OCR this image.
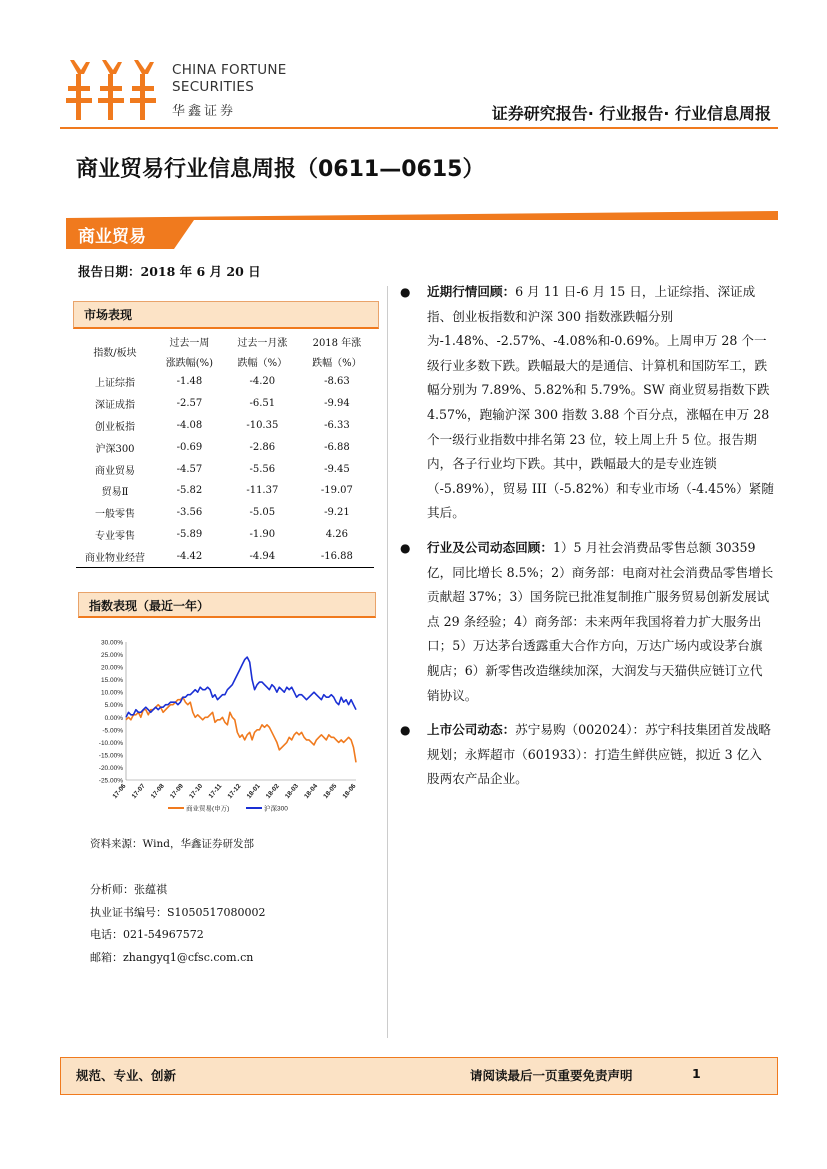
CHINA FORTUNE
SECURITIES
华鑫证券	证券研究报告· 行业报告· 行业信息周报
商业贸易行业信息周报（0611—0615）
商业贸易
报告日期：2018 年 6 月 20 日
市场表现
指数/板块	过去一周	过去一月涨	2018 年涨
	涨跌幅(%)	跌幅（%）	跌幅（%）
上证综指	-1.48	-4.20	-8.63
深证成指	-2.57	-6.51	-9.94
创业板指	-4.08	-10.35	-6.33
沪深300	-0.69	-2.86	-6.88
商业贸易	-4.57	-5.56	-9.45
贸易Ⅱ	-5.82	-11.37	-19.07
一般零售	-3.56	-5.05	-9.21
专业零售	-5.89	-1.90	4.26
商业物业经营	-4.42	-4.94	-16.88
指数表现（最近一年）
30.00%
25.00%
20.00%
15.00%
10.00%
5.00%
0.00%
-5.00%
-10.00%
-15.00%
-20.00%
-25.00%
17-06 17-07 17-08 17-09 17-10 17-11 17-12 18-01 18-02 18-03 18-04 18-05 18-06
商业贸易(申万)	沪深300
资料来源：Wind，华鑫证券研发部
分析师：张蕴祺
执业证书编号：S1050517080002
电话：021-54967572
邮箱：zhangyq1@cfsc.com.cn
● 近期行情回顾：6 月 11 日-6 月 15 日，上证综指、深证成指、创业板指数和沪深 300 指数涨跌幅分别为-1.48%、-2.57%、-4.08%和-0.69%。上周申万 28 个一级行业多数下跌。跌幅最大的是通信、计算机和国防军工，跌幅分别为 7.89%、5.82%和 5.79%。SW 商业贸易指数下跌 4.57%，跑输沪深 300 指数 3.88 个百分点，涨幅在申万 28 个一级行业指数中排名第 23 位，较上周上升 5 位。报告期内，各子行业均下跌。其中，跌幅最大的是专业连锁（-5.89%），贸易 III（-5.82%）和专业市场（-4.45%）紧随其后。
● 行业及公司动态回顾：1）5 月社会消费品零售总额 30359 亿，同比增长 8.5%；2）商务部：电商对社会消费品零售增长贡献超 37%；3）国务院已批准复制推广服务贸易创新发展试点 29 条经验；4）商务部：未来两年我国将着力扩大服务出口；5）万达茅台透露重大合作方向，万达广场内或设茅台旗舰店；6）新零售改造继续加深，大润发与天猫供应链订立代销协议。
● 上市公司动态：苏宁易购（002024）：苏宁科技集团首发战略规划；永辉超市（601933）：打造生鲜供应链，拟近 3 亿入股两农产品企业。
规范、专业、创新	请阅读最后一页重要免责声明	1
